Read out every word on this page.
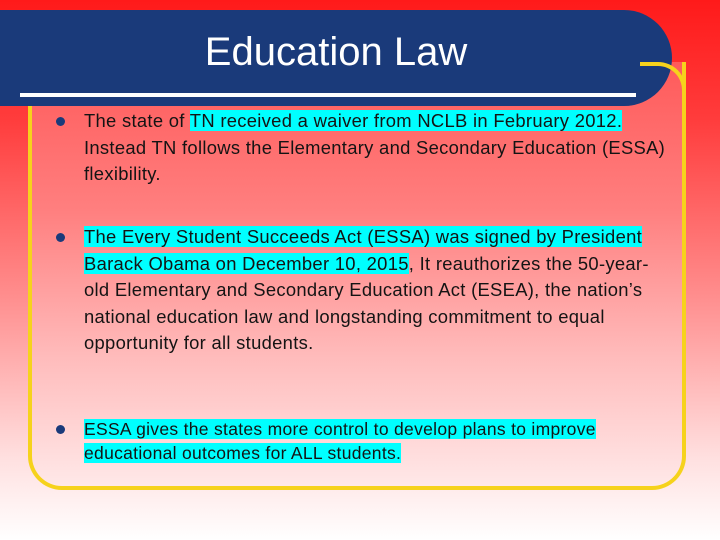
Education Law
The state of TN received a waiver from NCLB in February 2012. Instead TN follows the Elementary and Secondary Education (ESSA) flexibility.
The Every Student Succeeds Act (ESSA) was signed by President Barack Obama on December 10, 2015, It reauthorizes the 50-year-old Elementary and Secondary Education Act (ESEA), the nation’s national education law and longstanding commitment to equal opportunity for all students.
ESSA gives the states more control to develop plans to improve educational outcomes for ALL students.
